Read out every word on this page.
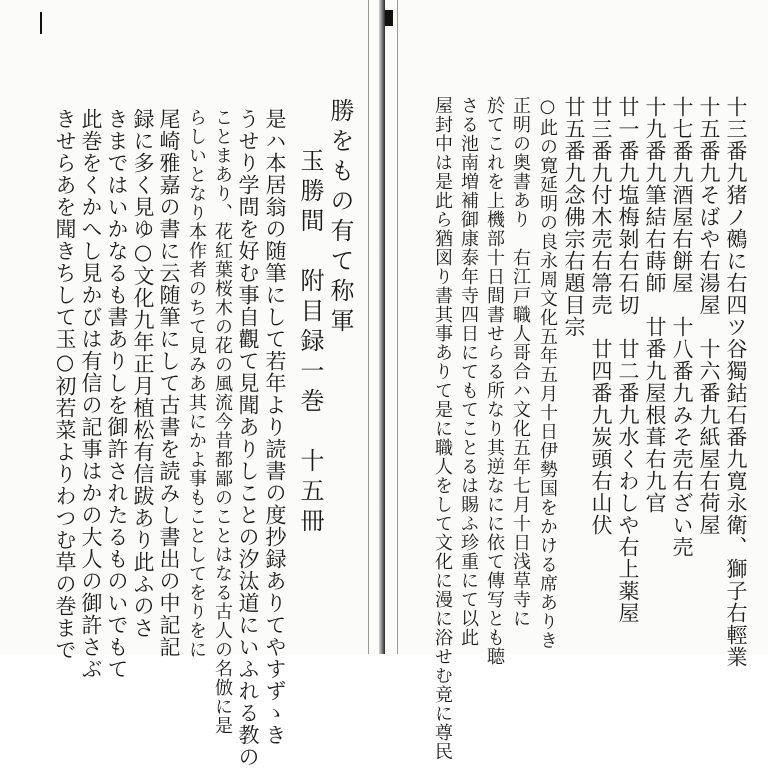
勝をもの有て称軍
玉勝間　附目録一巻　十五冊
是ハ本居翁の随筆にして若年より読書の度抄録ありてやすずゝき
うせり学問を好む事自觀て見聞ありしことの汐汰道にいふれる教の
ことまあり、花紅葉桜木の花の風流今昔都鄙のことはなる古人の名倣に是
らしいとなり本作者のちて見みあ其にかよ事もことしてをりをに
尾崎雅嘉の書に云随筆にして古書を読みし書出の中記記
録に多く見ゆ○文化九年正月植松有信跋あり此ふのさ
きまではいかなるも書ありしを御許されたるものいでもて
此巻をくかへし見かびは有信の記事はかの大人の御許さぶ
きせらあを聞きちして玉○初若菜よりわつむ草の巻まで	十三番九猪ノ鵺に右四ツ谷獨鈷石番九寛永衛、獅子右輕業
十五番九そばや右湯屋　十六番九紙屋右荷屋
十七番九酒屋右餅屋　十八番九みそ売右ざい売
十九番九筆結右蒔師　廿番九屋根葺右九官
廿一番九塩梅剝右石切　廿二番九水くわしや右上薬屋
廿三番九付木売右箒売　廿四番九炭頭右山伏
廿五番九念佛宗右題目宗
○此の寛延明の良永周文化五年五月十日伊勢国をかける席ありき
正明の奥書あり　右江戸職人哥合ハ文化五年七月十日浅草寺に
於てこれを上機部十日間書せらる所なり其逆なにに依て傳写とも聴
さる池南増補御康泰年寺四日にてもてことるは賜ふ珍重にて以此
屋封中は是此ら猶図り書其事ありて是に職人をして文化に漫に浴せむ竟に尊民
